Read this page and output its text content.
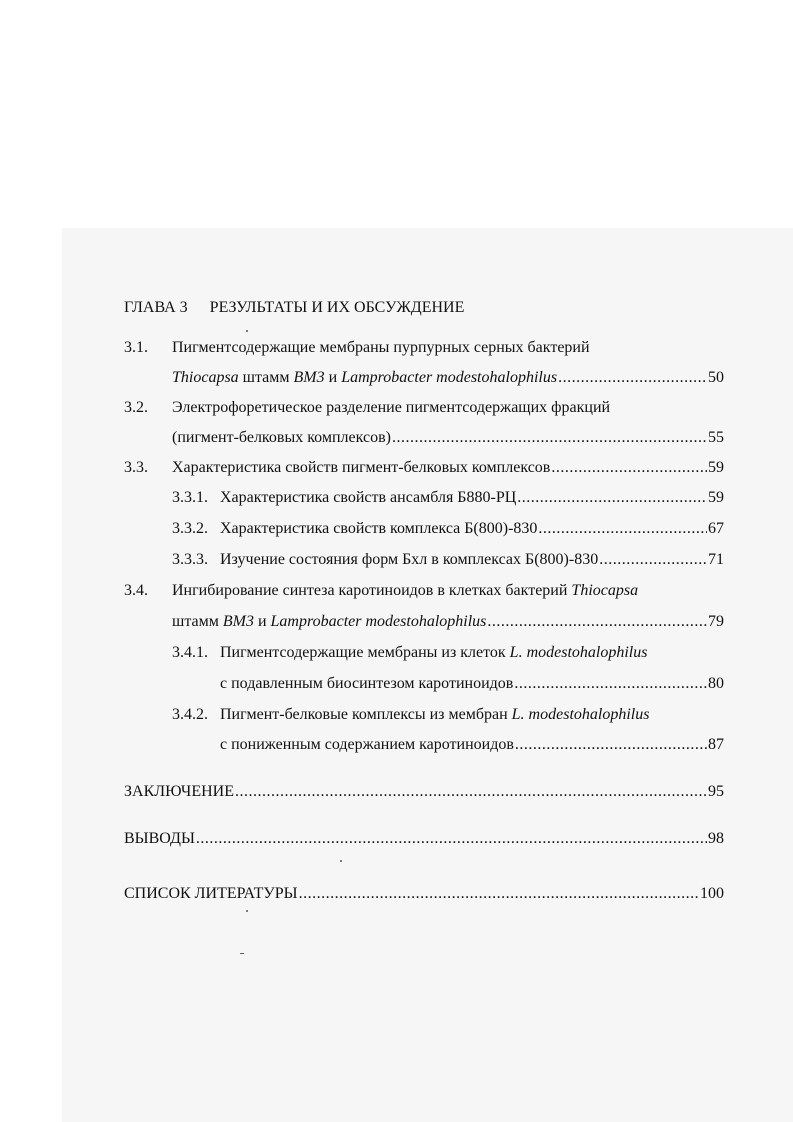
ГЛАВА 3 РЕЗУЛЬТАТЫ И ИХ ОБСУЖДЕНИЕ
3.1. Пигментсодержащие мембраны пурпурных серных бактерий
Thiocapsa штамм BM3 и Lamprobacter modestohalophilus .....	50
3.2. Электрофоретическое разделение пигментсодержащих фракций
(пигмент-белковых комплексов) .....	55
3.3. Характеристика свойств пигмент-белковых комплексов .....	59
3.3.1. Характеристика свойств ансамбля Б880-РЦ .....	59
3.3.2. Характеристика свойств комплекса Б(800)-830 .....	67
3.3.3. Изучение состояния форм Бхл в комплексах Б(800)-830 .....	71
3.4. Ингибирование синтеза каротиноидов в клетках бактерий Thiocapsa
штамм BM3 и Lamprobacter modestohalophilus .....	79
3.4.1. Пигментсодержащие мембраны из клеток L. modestohalophilus
с подавленным биосинтезом каротиноидов .....	80
3.4.2. Пигмент-белковые комплексы из мембран L. modestohalophilus
с пониженным содержанием каротиноидов .....	87
ЗАКЛЮЧЕНИЕ .....	95
ВЫВОДЫ .....	98
СПИСОК ЛИТЕРАТУРЫ .....	100
